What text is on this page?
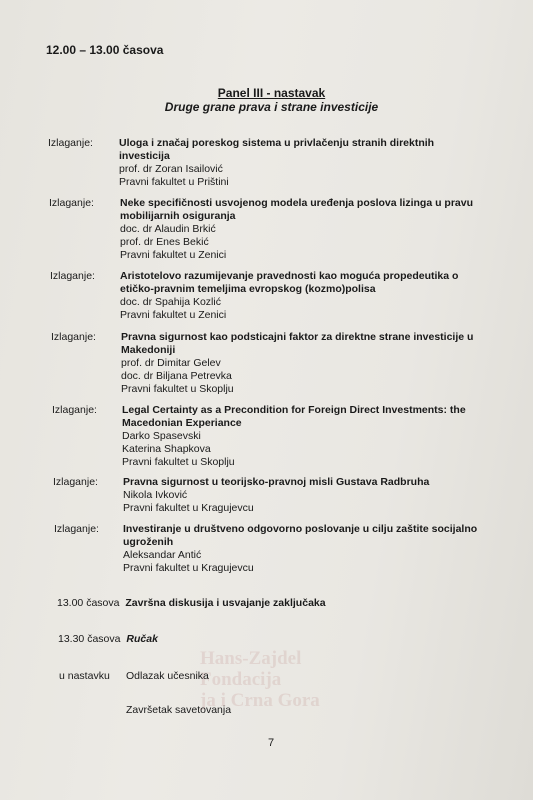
Hans-Zajdel
Fondacija
ja i Crna Gora
12.00 – 13.00 časova
Panel III - nastavak
Druge grane prava i strane investicije
Izlaganje: Uloga i značaj poreskog sistema u privlačenju stranih direktnih investicija
prof. dr Zoran Isailović
Pravni fakultet u Prištini
Izlaganje: Neke specifičnosti usvojenog modela uređenja poslova lizinga u pravu mobilijarnih osiguranja
doc. dr Alaudin Brkić
prof. dr Enes Bekić
Pravni fakultet u Zenici
Izlaganje: Aristotelovo razumijevanje pravednosti kao moguća propedeutika o etičko-pravnim temeljima evropskog (kozmo)polisa
doc. dr Spahija Kozlić
Pravni fakultet u Zenici
Izlaganje: Pravna sigurnost kao podsticajni faktor za direktne strane investicije u Makedoniji
prof. dr Dimitar Gelev
doc. dr Biljana Petrevka
Pravni fakultet u Skoplju
Izlaganje: Legal Certainty as a Precondition for Foreign Direct Investments: the Macedonian Experiance
Darko Spasevski
Katerina Shapkova
Pravni fakultet u Skoplju
Izlaganje: Pravna sigurnost u teorijsko-pravnoj misli Gustava Radbruha
Nikola Ivković
Pravni fakultet u Kragujevcu
Izlaganje: Investiranje u društveno odgovorno poslovanje u cilju zaštite socijalno ugroženih
Aleksandar Antić
Pravni fakultet u Kragujevcu
13.00 časova Završna diskusija i usvajanje zaključaka
13.30 časova Ručak
u nastavku Odlazak učesnika
Završetak savetovanja
7
